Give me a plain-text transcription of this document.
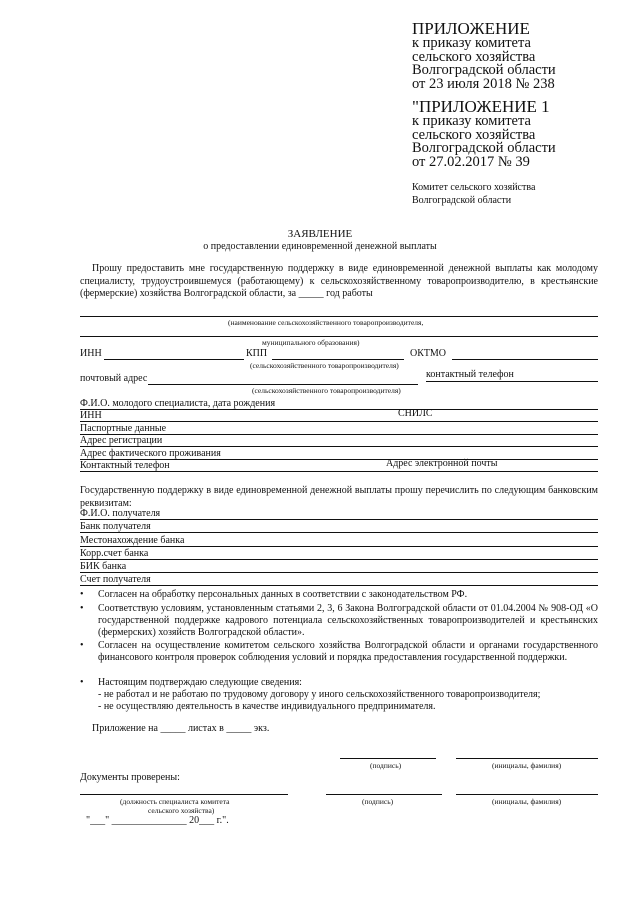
ПРИЛОЖЕНИЕ
к приказу комитета
сельского хозяйства
Волгоградской области
от 23 июля 2018 № 238
"ПРИЛОЖЕНИЕ 1
к приказу комитета
сельского хозяйства
Волгоградской области
от 27.02.2017 № 39
Комитет сельского хозяйства
Волгоградской области
ЗАЯВЛЕНИЕ
о предоставлении единовременной денежной выплаты
Прошу предоставить мне государственную поддержку в виде единовременной денежной выплаты как молодому специалисту, трудоустроившемуся (работающему) к сельскохозяйственному товаропроизводителю, в крестьянские (фермерские) хозяйства Волгоградской области, за _____ год работы
(наименование сельскохозяйственного товаропроизводителя,
муниципального образования)
ИНН	КПП	ОКТМО
(сельскохозяйственного товаропроизводителя)
почтовый адрес	контактный телефон
(сельскохозяйственного товаропроизводителя)
Ф.И.О. молодого специалиста, дата рождения
ИНН	СНИЛС
Паспортные данные
Адрес регистрации
Адрес фактического проживания
Контактный телефон	Адрес электронной почты
Государственную поддержку в виде единовременной денежной выплаты прошу перечислить по следующим банковским реквизитам:
Ф.И.О. получателя
Банк получателя
Местонахождение банка
Корр.счет банка
БИК банка
Счет получателя
• Согласен на обработку персональных данных в соответствии с законодательством РФ.
• Соответствую условиям, установленным статьями 2, 3, 6 Закона Волгоградской области от 01.04.2004 № 908-ОД «О государственной поддержке кадрового потенциала сельскохозяйственных товаропроизводителей и крестьянских (фермерских) хозяйств Волгоградской области».
• Согласен на осуществление комитетом сельского хозяйства Волгоградской области и органами государственного финансового контроля проверок соблюдения условий и порядка предоставления государственной поддержки.
• Настоящим подтверждаю следующие сведения:
- не работал и не работаю по трудовому договору у иного сельскохозяйственного товаропроизводителя;
- не осуществляю деятельность в качестве индивидуального предпринимателя.
Приложение на _____ листах в _____ экз.
(подпись)	(инициалы, фамилия)
Документы проверены:
(должность специалиста комитета
сельского хозяйства)
(подпись)	(инициалы, фамилия)
"___" _______________ 20___ г.".
